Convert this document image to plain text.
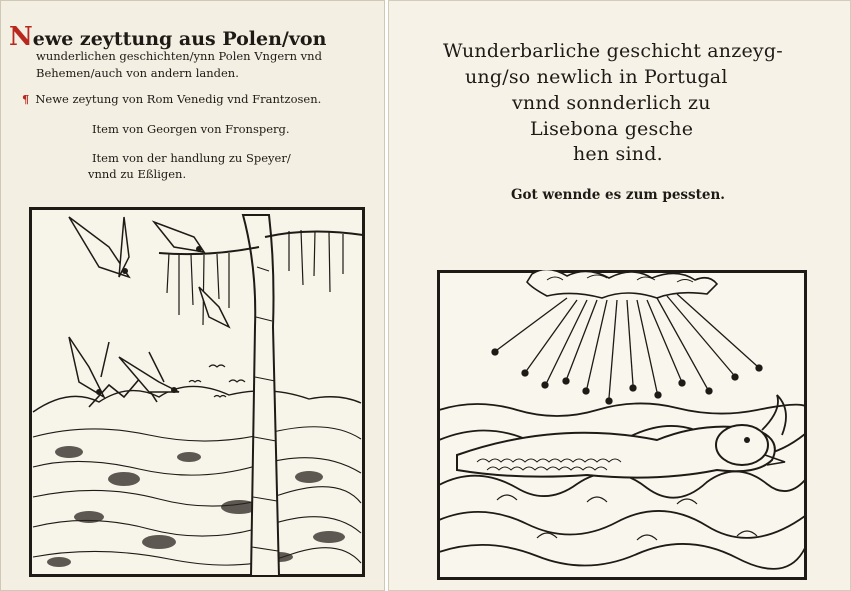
Newe zeyttung aus Polen/von
wunderlichen geschichten/ynn Polen Vngern vnd
Behemen/auch von andern landen.
¶ Newe zeytung von Rom Venedig vnd Frantzosen.
Item von Georgen von Fronsperg.
Item von der handlung zu Speyer/
vnnd zu Eßligen.
Wunderbarliche geschicht anzeyg-
ung/so newlich in Portugal
vnnd sonnderlich zu
Lisebona gesche
hen sind.
Got wennde es zum pessten.
